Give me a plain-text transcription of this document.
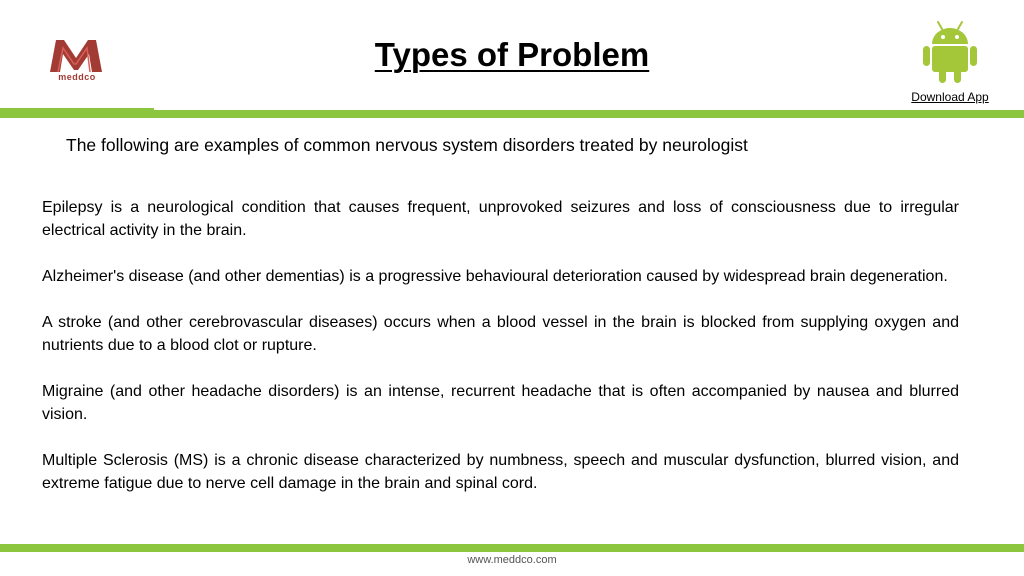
meddco
Types of Problem
Download App
The following are examples of common nervous system disorders treated by neurologist

Epilepsy is a neurological condition that causes frequent, unprovoked seizures and loss of consciousness due to irregular electrical activity in the brain.

Alzheimer's disease (and other dementias) is a progressive behavioural deterioration caused by widespread brain degeneration.

A stroke (and other cerebrovascular diseases) occurs when a blood vessel in the brain is blocked from supplying oxygen and nutrients due to a blood clot or rupture.

Migraine (and other headache disorders) is an intense, recurrent headache that is often accompanied by nausea and blurred vision.

Multiple Sclerosis (MS) is a chronic disease characterized by numbness, speech and muscular dysfunction, blurred vision, and extreme fatigue due to nerve cell damage in the brain and spinal cord.

www.meddco.com
